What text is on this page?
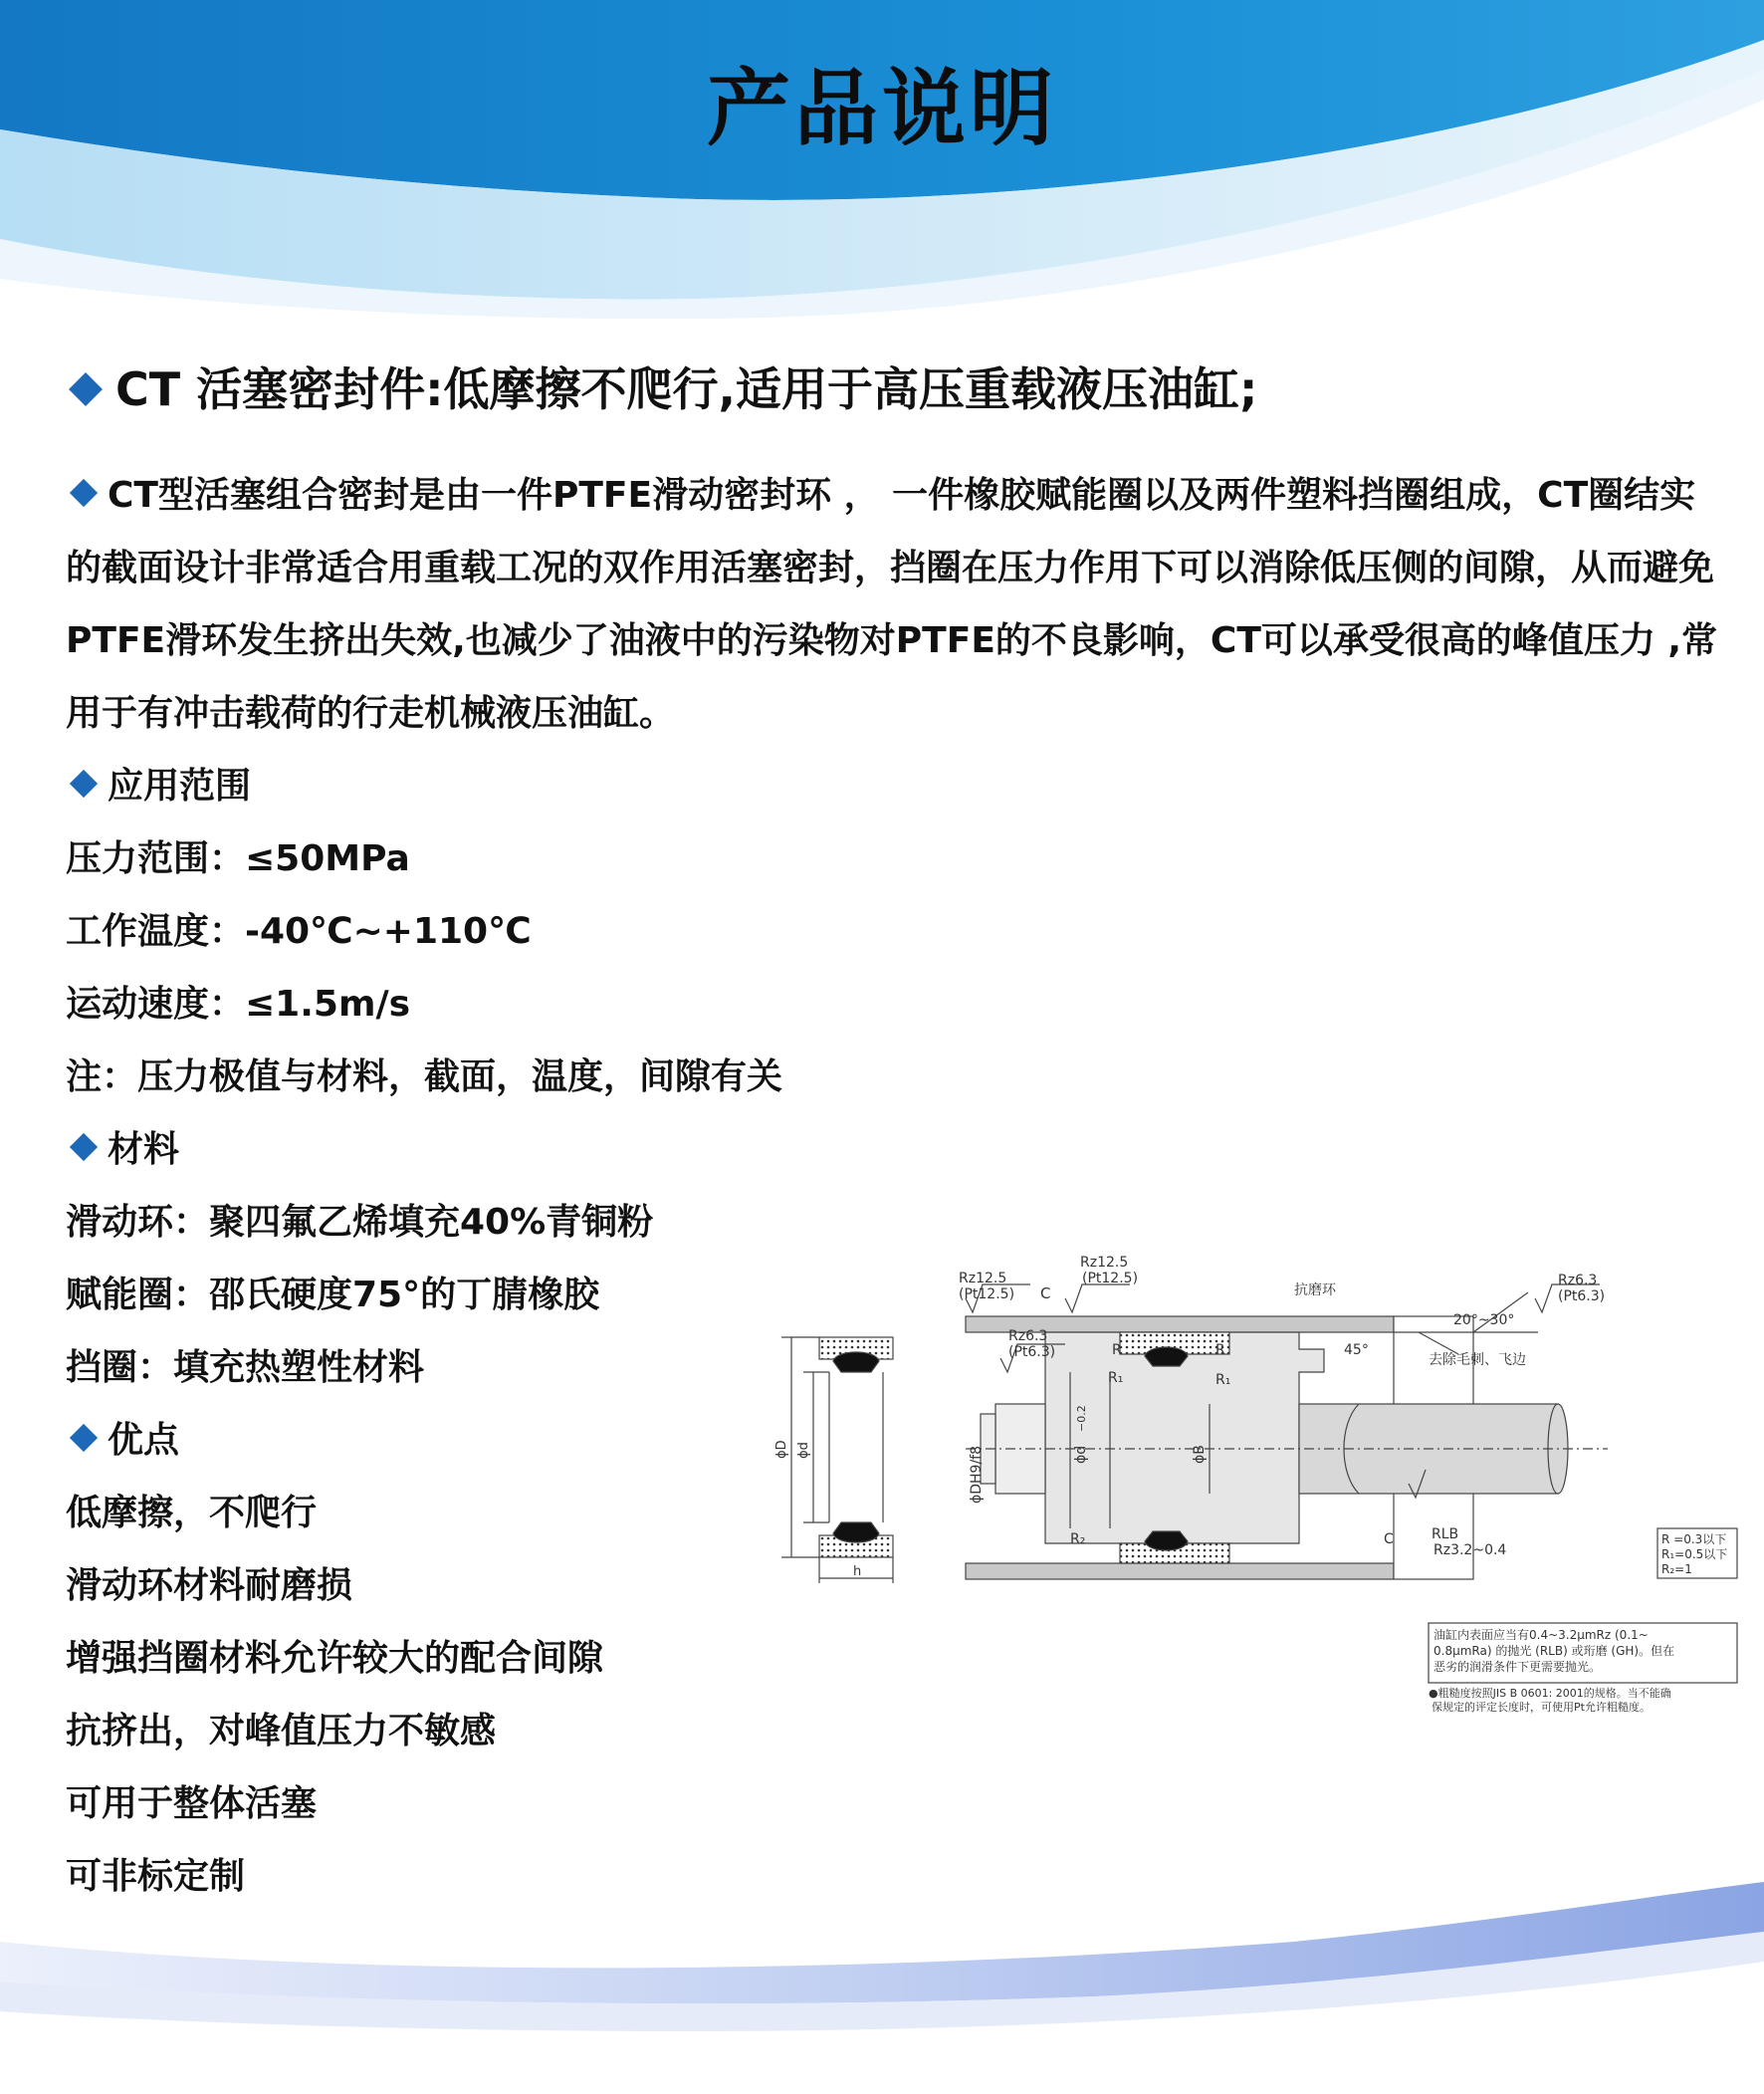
产品说明
CT 活塞密封件:低摩擦不爬行,适用于高压重载液压油缸;

CT型活塞组合密封是由一件PTFE滑动密封环 ， 一件橡胶赋能圈以及两件塑料挡圈组成，CT圈结实的截面设计非常适合用重载工况的双作用活塞密封，挡圈在压力作用下可以消除低压侧的间隙，从而避免PTFE滑环发生挤出失效,也减少了油液中的污染物对PTFE的不良影响，CT可以承受很高的峰值压力 ,常用于有冲击载荷的行走机械液压油缸。

应用范围
压力范围：≤50MPa
工作温度：-40℃~+110℃
运动速度：≤1.5m/s
注：压力极值与材料，截面，温度，间隙有关
材料
滑动环：聚四氟乙烯填充40%青铜粉
赋能圈：邵氏硬度75°的丁腈橡胶
挡圈：填充热塑性材料
优点
低摩擦，不爬行
滑动环材料耐磨损
增强挡圈材料允许较大的配合间隙
抗挤出，对峰值压力不敏感
可用于整体活塞
可非标定制
Rz12.5
(Pt12.5) C
Rz12.5
(Pt12.5)
抗磨环
Rz6.3
(Pt6.3)
20°~30°
Rz6.3
(Pt6.3)
R
R₁
R
R₁
45°
去除毛刺、飞边
ϕDH9/f8	ϕd
−0.2
ϕB
R₂	C	RLB
Rz3.2~0.4
ϕD ϕd
h
R =0.3以下
R₁=0.5以下
R₂=1
油缸内表面应当有0.4~3.2μmRz (0.1~
0.8μmRa) 的抛光 (RLB) 或珩磨 (GH)。但在
恶劣的润滑条件下更需要抛光。
●粗糙度按照JIS B 0601: 2001的规格。当不能确
保规定的评定长度时，可使用Pt允许粗糙度。
